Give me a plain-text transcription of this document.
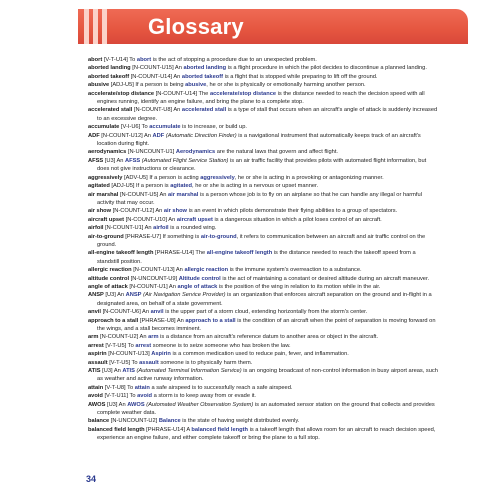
Glossary

abort [V-T-U14] To abort is the act of stopping a procedure due to an unexpected problem.

aborted landing [N-COUNT-U15] An aborted landing is a flight procedure in which the pilot decides to discontinue a planned landing.

aborted takeoff [N-COUNT-U14] An aborted takeoff is a flight that is stopped while preparing to lift off the ground.

abusive [ADJ-U5] If a person is being abusive, he or she is physically or emotionally harming another person.

accelerate/stop distance [N-COUNT-U14] The accelerate/stop distance is the distance needed to reach the decision speed with all engines running, identify an engine failure, and bring the plane to a complete stop.

accelerated stall [N-COUNT-U8] An accelerated stall is a type of stall that occurs when an aircraft's angle of attack is suddenly increased to an excessive degree.

accumulate [V-I-U6] To accumulate is to increase, or build up.

ADF [N-COUNT-U12] An ADF (Automatic Direction Finder) is a navigational instrument that automatically keeps track of an aircraft's location during flight.

aerodynamics [N-UNCOUNT-U1] Aerodynamics are the natural laws that govern and affect flight.

AFSS [U3] An AFSS (Automated Flight Service Station) is an air traffic facility that provides pilots with automated flight information, but does not give instructions or clearance.

aggressively [ADV-U5] If a person is acting aggressively, he or she is acting in a provoking or antagonizing manner.

agitated [ADJ-U5] If a person is agitated, he or she is acting in a nervous or upset manner.

air marshal [N-COUNT-U5] An air marshal is a person whose job is to fly on an airplane so that he can handle any illegal or harmful activity that may occur.

air show [N-COUNT-U12] An air show is an event in which pilots demonstrate their flying abilities to a group of spectators.

aircraft upset [N-COUNT-U10] An aircraft upset is a dangerous situation in which a pilot loses control of an aircraft.

airfoil [N-COUNT-U1] An airfoil is a rounded wing.

air-to-ground [PHRASE-U7] If something is air-to-ground, it refers to communication between an aircraft and air traffic control on the ground.

all-engine takeoff length [PHRASE-U14] The all-engine takeoff length is the distance needed to reach the takeoff speed from a standstill position.

allergic reaction [N-COUNT-U13] An allergic reaction is the immune system's overreaction to a substance.

altitude control [N-UNCOUNT-U9] Altitude control is the act of maintaining a constant or desired altitude during an aircraft maneuver.

angle of attack [N-COUNT-U1] An angle of attack is the position of the wing in relation to its motion while in the air.

ANSP [U3] An ANSP (Air Navigation Service Provider) is an organization that enforces aircraft separation on the ground and in-flight in a designated area, on behalf of a state government.

anvil [N-COUNT-U6] An anvil is the upper part of a storm cloud, extending horizontally from the storm's center.

approach to a stall [PHRASE-U8] An approach to a stall is the condition of an aircraft when the point of separation is moving forward on the wings, and a stall becomes imminent.

arm [N-COUNT-U2] An arm is a distance from an aircraft's reference datum to another area or object in the aircraft.

arrest [V-T-U5] To arrest someone is to seize someone who has broken the law.

aspirin [N-COUNT-U13] Aspirin is a common medication used to reduce pain, fever, and inflammation.

assault [V-T-U5] To assault someone is to physically harm them.

ATIS [U3] An ATIS (Automated Terminal Information Service) is an ongoing broadcast of non-control information in busy airport areas, such as weather and active runway information.

attain [V-T-U8] To attain a safe airspeed is to successfully reach a safe airspeed.

avoid [V-T-U11] To avoid a storm is to keep away from or evade it.

AWOS [U3] An AWOS (Automated Weather Observation System) is an automated sensor station on the ground that collects and provides complete weather data.

balance [N-UNCOUNT-U2] Balance is the state of having weight distributed evenly.

balanced field length [PHRASE-U14] A balanced field length is a takeoff length that allows room for an aircraft to reach decision speed, experience an engine failure, and either complete takeoff or bring the plane to a full stop.

34
